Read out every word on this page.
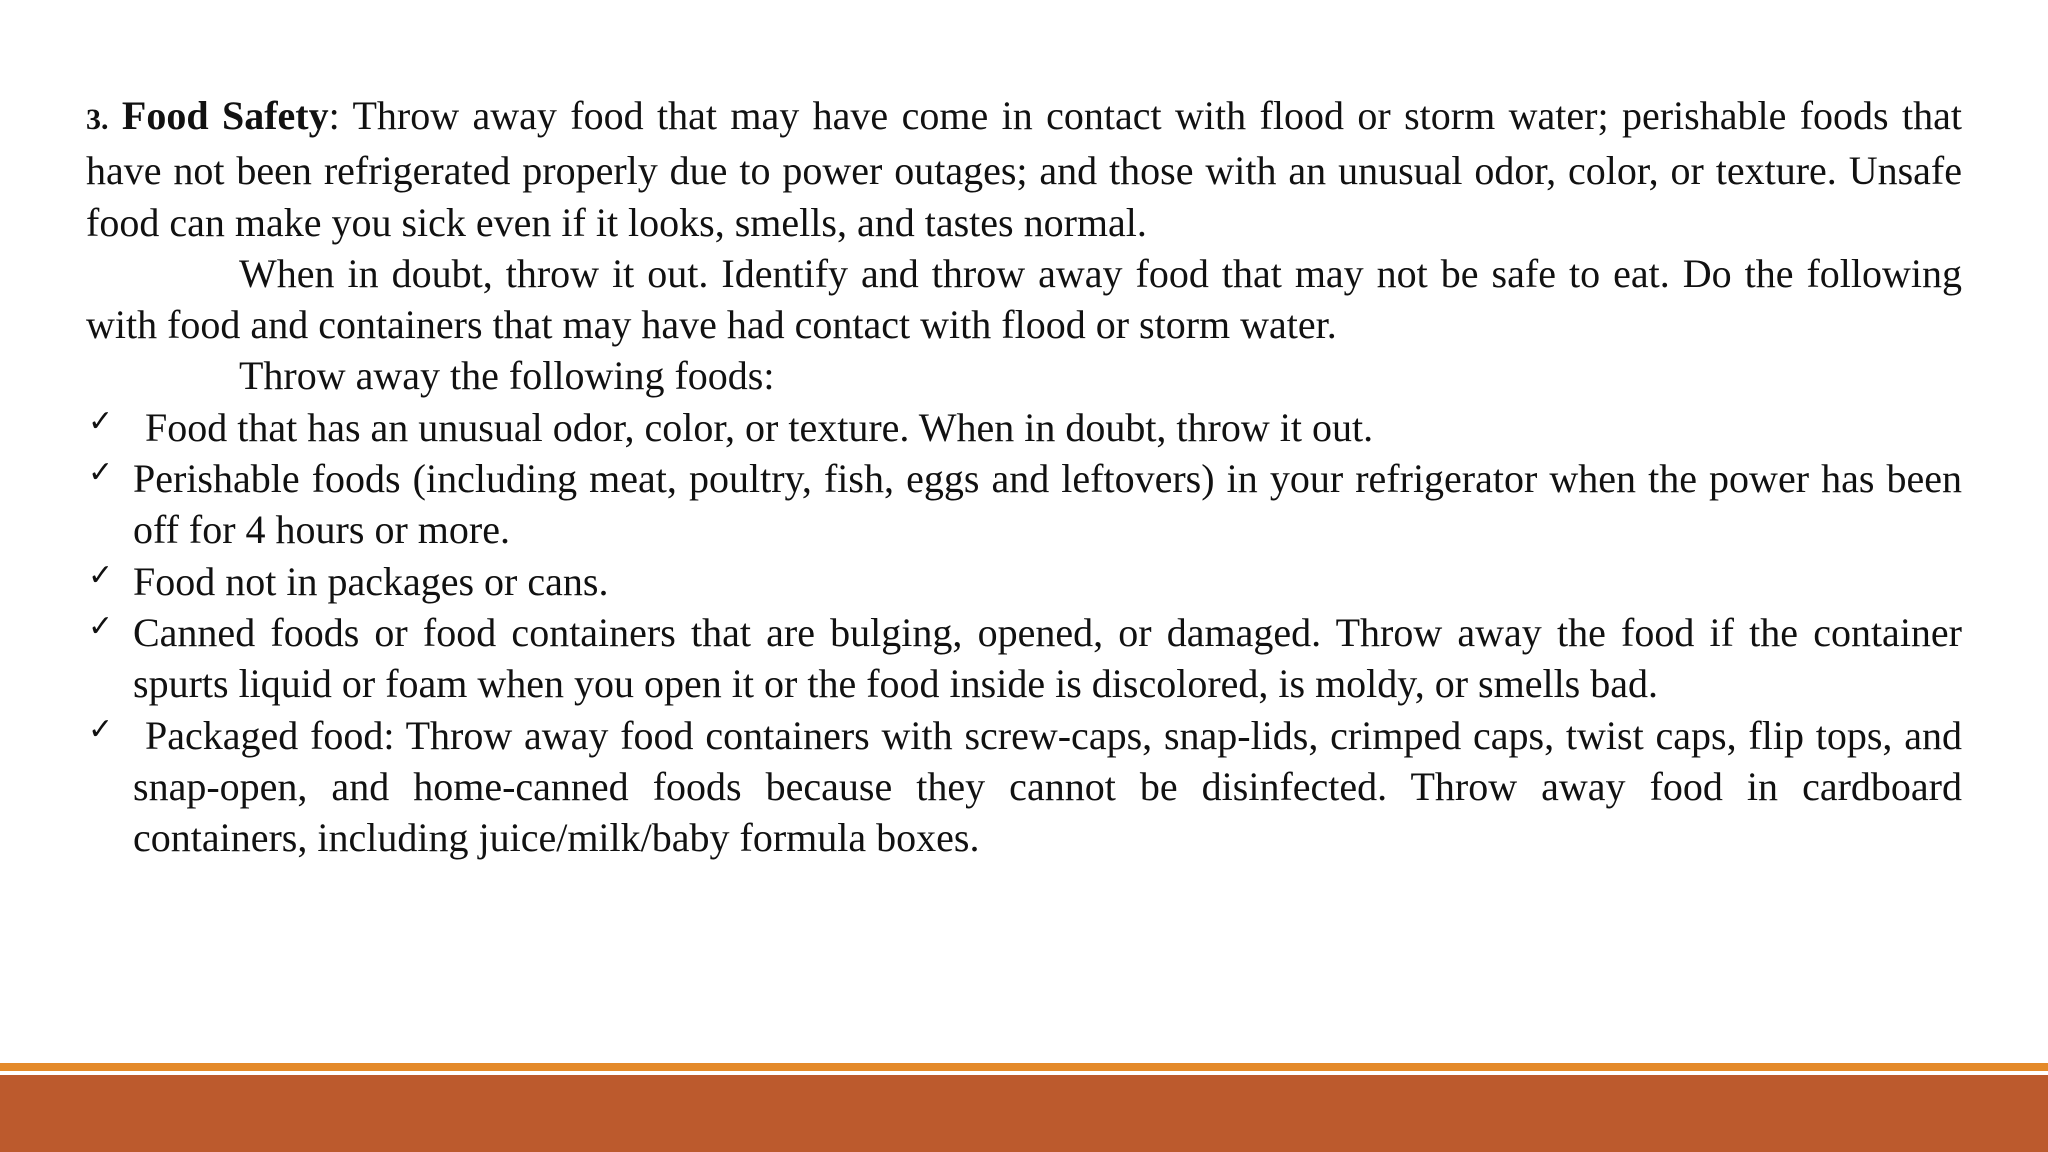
3. Food Safety: Throw away food that may have come in contact with flood or storm water; perishable foods that have not been refrigerated properly due to power outages; and those with an unusual odor, color, or texture. Unsafe food can make you sick even if it looks, smells, and tastes normal.

When in doubt, throw it out. Identify and throw away food that may not be safe to eat. Do the following with food and containers that may have had contact with flood or storm water.

Throw away the following foods:

✓ Food that has an unusual odor, color, or texture. When in doubt, throw it out.
✓ Perishable foods (including meat, poultry, fish, eggs and leftovers) in your refrigerator when the power has been off for 4 hours or more.
✓ Food not in packages or cans.
✓ Canned foods or food containers that are bulging, opened, or damaged. Throw away the food if the container spurts liquid or foam when you open it or the food inside is discolored, is moldy, or smells bad.
✓ Packaged food: Throw away food containers with screw-caps, snap-lids, crimped caps, twist caps, flip tops, and snap-open, and home-canned foods because they cannot be disinfected. Throw away food in cardboard containers, including juice/milk/baby formula boxes.
